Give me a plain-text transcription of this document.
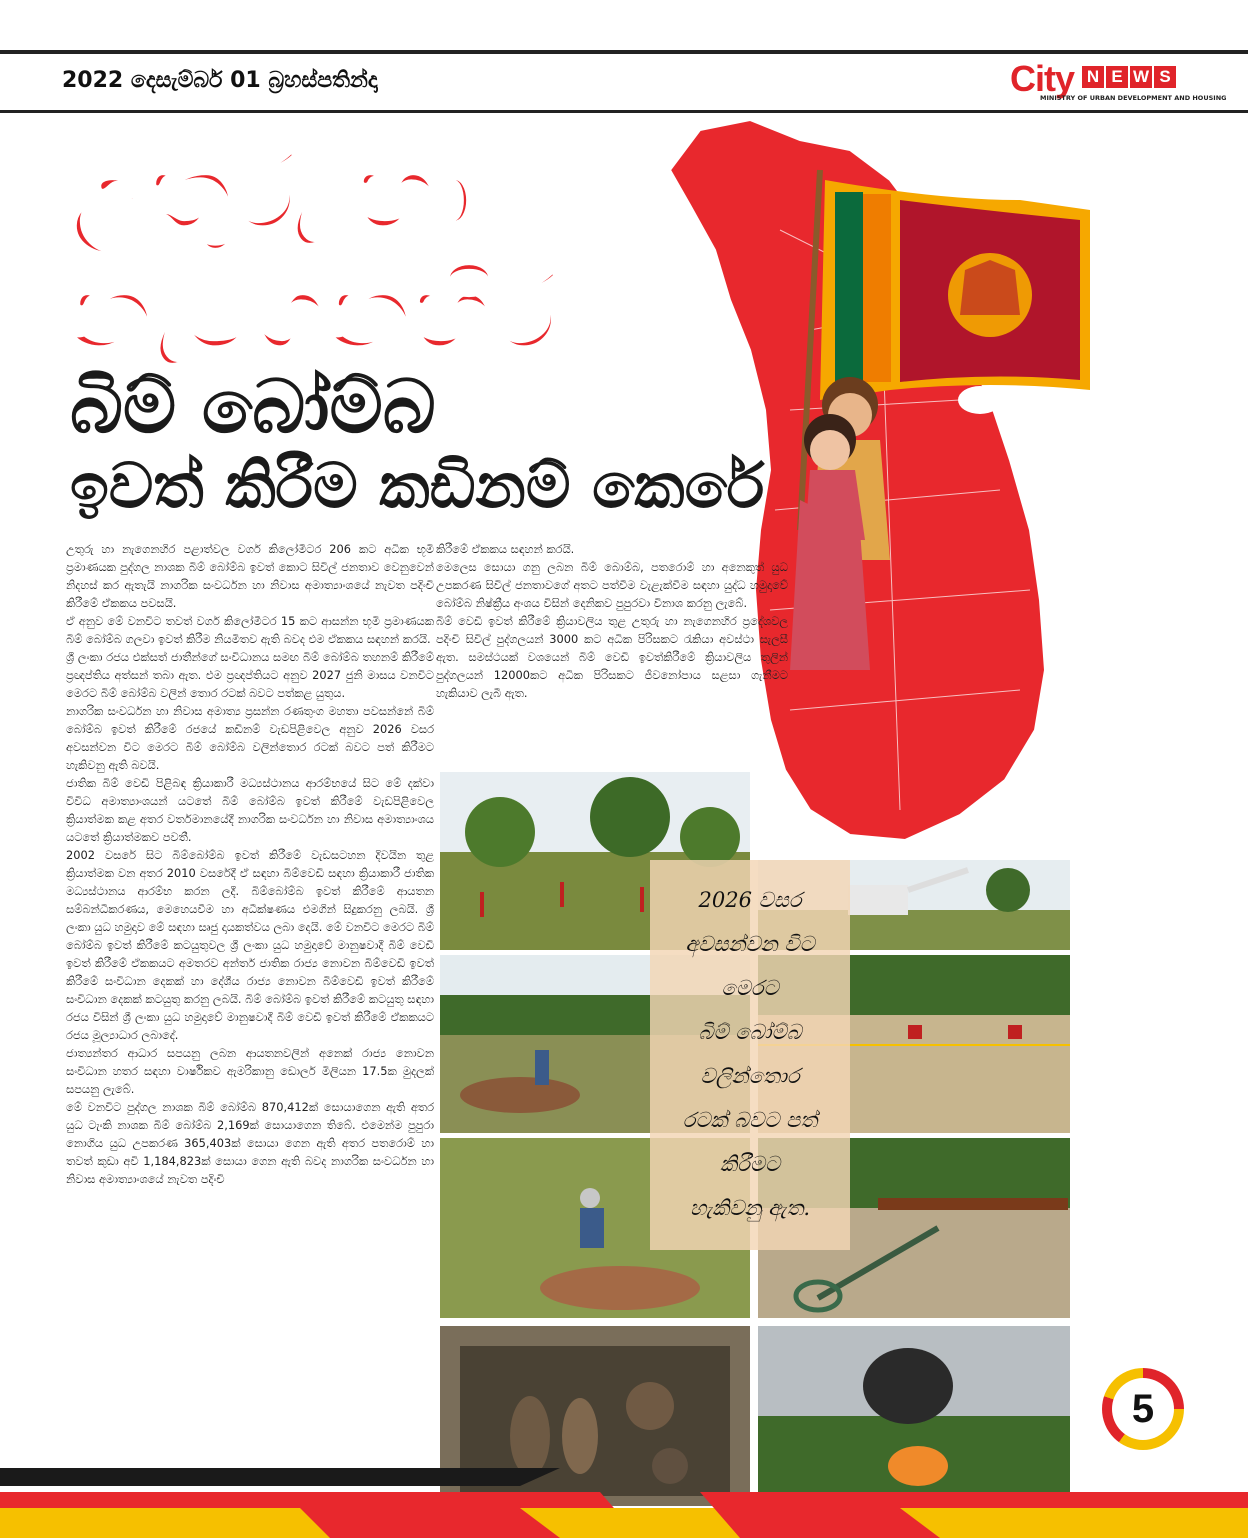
2022 දෙසැම්බර් 01 බ්‍රහස්පතින්දා	City N E W S
MINISTRY OF URBAN DEVELOPMENT AND HOUSING
උතුරු හා
නැගෙනහිර
බිම් බෝම්බ
ඉවත් කිරීම කඩිනම් කෙරේ

උතුරු හා නැගෙනහිර පළාත්වල වර්ග කිලෝමීටර 206 කට අධික භූමි ප්‍රමාණයක පුද්ගල නාශක බිම් බෝම්බ ඉවත් කොට සිවිල් ජනතාව වෙනුවෙන් නිදහස් කර ඇතැයි නාගරික සංවර්ධන හා නිවාස අමාත්‍යාංශයේ නැවත පදිංචි කිරීමේ ඒකකය පවසයි.

ඒ අනුව මේ වනවිට තවත් වර්ග කිලෝමීටර 15 කට ආසන්න භූමි ප්‍රමාණයක බිම් බෝම්බ ගලවා ඉවත් කිරීම නියමිතව ඇති බවද එම ඒකකය සඳහන් කරයි.

ශ්‍රී ලංකා රජය එක්සත් ජාතීන්ගේ සංවිධානය සමඟ බිම් බෝම්බ තහනම් කිරීමේ ප්‍රඥප්තිය අත්සන් තබා ඇත. එම ප්‍රඥප්තියට අනුව 2027 ජුනි මාසය වනවිට මෙරට බිම් බෝම්බ වලින් තොර රටක් බවට පත්කළ යුතුය.

නාගරික සංවර්ධන හා නිවාස අමාත්‍ය ප්‍රසන්න රණතුංග මහතා පවසන්නේ බිම් බෝම්බ ඉවත් කිරීමේ රජයේ කඩිනම් වැඩපිළිවෙල අනුව 2026 වසර අවසන්වන විට මෙරට බිම් බෝම්බ වලින්තොර රටක් බවට පත් කිරීමට හැකිවනු ඇති බවයි.

ජාතික බිම් වෙඩි පිළිබඳ ක්‍රියාකාරී මධ්‍යස්ථානය ආරම්භයේ සිට මේ දක්වා විවිධ අමාත්‍යාංශයන් යටතේ බිම් බෝම්බ ඉවත් කිරීමේ වැඩපිළිවෙල ක්‍රියාත්මක කළ අතර වර්තමානයේදී නාගරික සංවර්ධන හා නිවාස අමාත්‍යාංශය යටතේ ක්‍රියාත්මකව පවතී.

2002 වසරේ සිට බිම්බෝම්බ ඉවත් කිරීමේ වැඩසටහන දිවයින තුළ ක්‍රියාත්මක වන අතර 2010 වසරේදී ඒ සඳහා බිම්වෙඩි සඳහා ක්‍රියාකාරී ජාතික මධ්‍යස්ථානය ආරම්භ කරන ලදී. බිම්බෝම්බ ඉවත් කිරීමේ ආයතන සම්බන්ධීකරණය, මෙහෙයවීම හා අධීක්ෂණය එමගින් සිදුකරනු ලබයි. ශ්‍රී ලංකා යුධ හමුදාව මේ සඳහා සෘජු දායකත්වය ලබා දෙයි. මේ වනවිට මෙරට බිම් බෝම්බ ඉවත් කිරීමේ කටයුතුවල ශ්‍රී ලංකා යුධ හමුදාවේ මානුෂවාදී බිම් වෙඩි ඉවත් කිරීමේ ඒකකයට අමතරව අන්තර් ජාතික රාජ්‍ය නොවන බිම්වෙඩි ඉවත් කිරීමේ සංවිධාන දෙකක් හා දේශීය රාජ්‍ය නොවන බිම්වෙඩි ඉවත් කිරීමේ සංවිධාන දෙකක් කටයුතු කරනු ලබයි. බිම් බෝම්බ ඉවත් කිරීමේ කටයුතු සඳහා රජය විසින් ශ්‍රී ලංකා යුධ හමුදාවේ මානුෂවාදී බිම් වෙඩි ඉවත් කිරීමේ ඒකකයට රජය මූල්‍යාධාර ලබාදේ.

ජාත්‍යන්තර ආධාර සපයනු ලබන ආයතනවලින් අනෙක් රාජ්‍ය නොවන සංවිධාන හතර සඳහා වාර්ෂිකව ඇමරිකානු ඩොලර් මිලියන 17.5ක මුදලක් සපයනු ලැබේ.

මේ වනවිට පුද්ගල නාශක බිම් බෝම්බ 870,412ක් සොයාගෙන ඇති අතර යුධ ටැංකි නාශක බිම් බෝම්බ 2,169ක් සොයාගෙන තිබේ. එමෙන්ම පුපුරා නොගිය යුධ උපකරණ 365,403ක් සොයා ගෙන ඇති අතර පතරොම් හා තවත් කුඩා අවි 1,184,823ක් සොයා ගෙන ඇති බවද නාගරික සංවර්ධන හා නිවාස අමාත්‍යාංශයේ නැවත පදිංචි

කිරීමේ ඒකකය සඳහන් කරයි.

මෙලෙස සොයා ගනු ලබන බිම් බොම්බ, පතරොම් හා අනෙකුත් යුධ උපකරණ සිවිල් ජනතාවගේ අතට පත්වීම වැළැක්වීම සඳහා යුද්ධ හමුදාවේ බෝම්බ නිෂ්ක්‍රීය අංශය විසින් දෙනිකව පුපුරවා විනාශ කරනු ලැබේ.

බිම් වෙඩි ඉවත් කිරීමේ ක්‍රියාවලිය තුළ උතුරු හා නැගෙනහිර ප්‍රදේශවල පදිංචි සිවිල් පුද්ගලයන් 3000 කට අධික පිරිසකට රැකියා අවස්ථා සැලසී ඇත. සමස්ථයක් වශයෙන් බිම් වෙඩි ඉවත්කිරීමේ ක්‍රියාවලිය තුලින් පුද්ගලයන් 12000කට අධික පිරිසකට ජීවනෝපාය සළසා ගැනීමට හැකියාව ලැබී ඇත.

2026 වසර
අවසන්වන විට
මෙරට
බිම් බෝම්බ
වලින්තොර
රටක් බවට පත්
කිරීමට
හැකිවනු ඇත.
5
